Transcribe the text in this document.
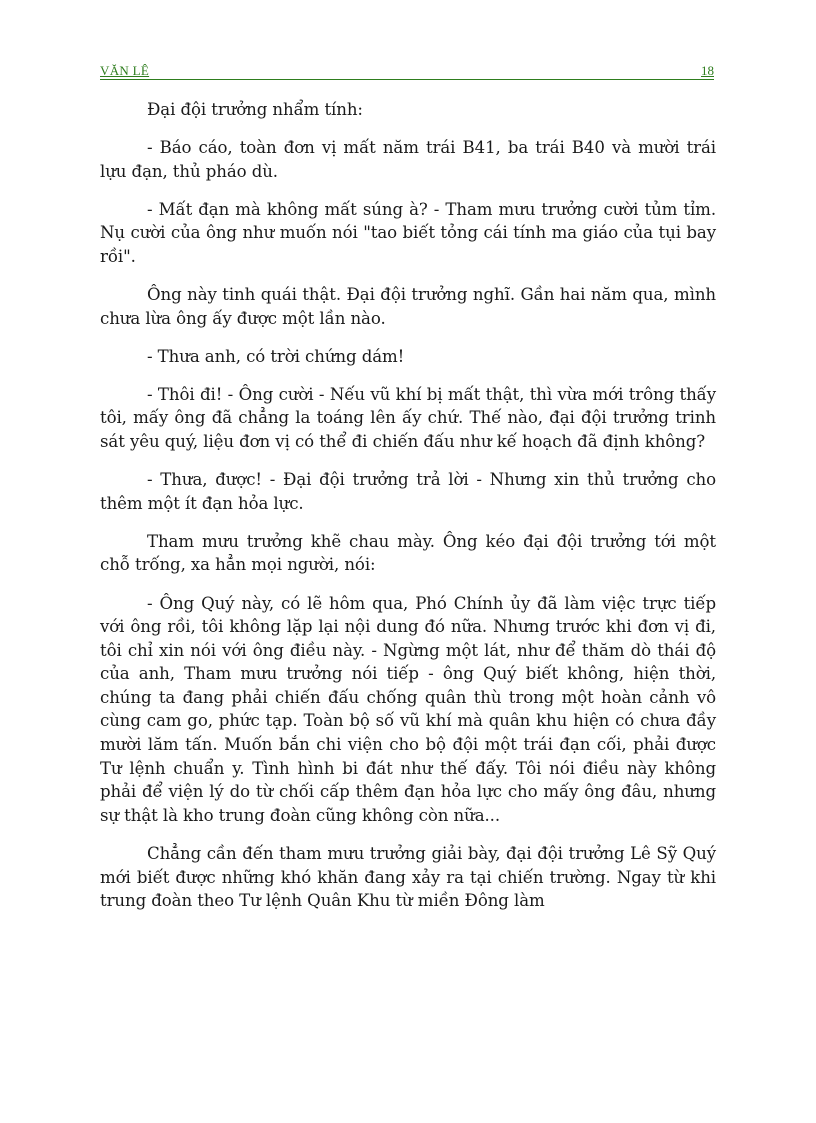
VĂN LÊ	18

Đại đội trưởng nhẩm tính:

- Báo cáo, toàn đơn vị mất năm trái B41, ba trái B40 và mười trái lựu đạn, thủ pháo dù.

- Mất đạn mà không mất súng à? - Tham mưu trưởng cười tủm tỉm. Nụ cười của ông như muốn nói "tao biết tỏng cái tính ma giáo của tụi bay rồi".

Ông này tinh quái thật. Đại đội trưởng nghĩ. Gần hai năm qua, mình chưa lừa ông ấy được một lần nào.

- Thưa anh, có trời chứng dám!

- Thôi đi! - Ông cười - Nếu vũ khí bị mất thật, thì vừa mới trông thấy tôi, mấy ông đã chẳng la toáng lên ấy chứ. Thế nào, đại đội trưởng trinh sát yêu quý, liệu đơn vị có thể đi chiến đấu như kế hoạch đã định không?

- Thưa, được! - Đại đội trưởng trả lời - Nhưng xin thủ trưởng cho thêm một ít đạn hỏa lực.

Tham mưu trưởng khẽ chau mày. Ông kéo đại đội trưởng tới một chỗ trống, xa hẳn mọi người, nói:

- Ông Quý này, có lẽ hôm qua, Phó Chính ủy đã làm việc trực tiếp với ông rồi, tôi không lặp lại nội dung đó nữa. Nhưng trước khi đơn vị đi, tôi chỉ xin nói với ông điều này. - Ngừng một lát, như để thăm dò thái độ của anh, Tham mưu trưởng nói tiếp - ông Quý biết không, hiện thời, chúng ta đang phải chiến đấu chống quân thù trong một hoàn cảnh vô cùng cam go, phức tạp. Toàn bộ số vũ khí mà quân khu hiện có chưa đầy mười lăm tấn. Muốn bắn chi viện cho bộ đội một trái đạn cối, phải được Tư lệnh chuẩn y. Tình hình bi đát như thế đấy. Tôi nói điều này không phải để viện lý do từ chối cấp thêm đạn hỏa lực cho mấy ông đâu, nhưng sự thật là kho trung đoàn cũng không còn nữa...

Chẳng cần đến tham mưu trưởng giải bày, đại đội trưởng Lê Sỹ Quý mới biết được những khó khăn đang xảy ra tại chiến trường. Ngay từ khi trung đoàn theo Tư lệnh Quân Khu từ miền Đông làm
